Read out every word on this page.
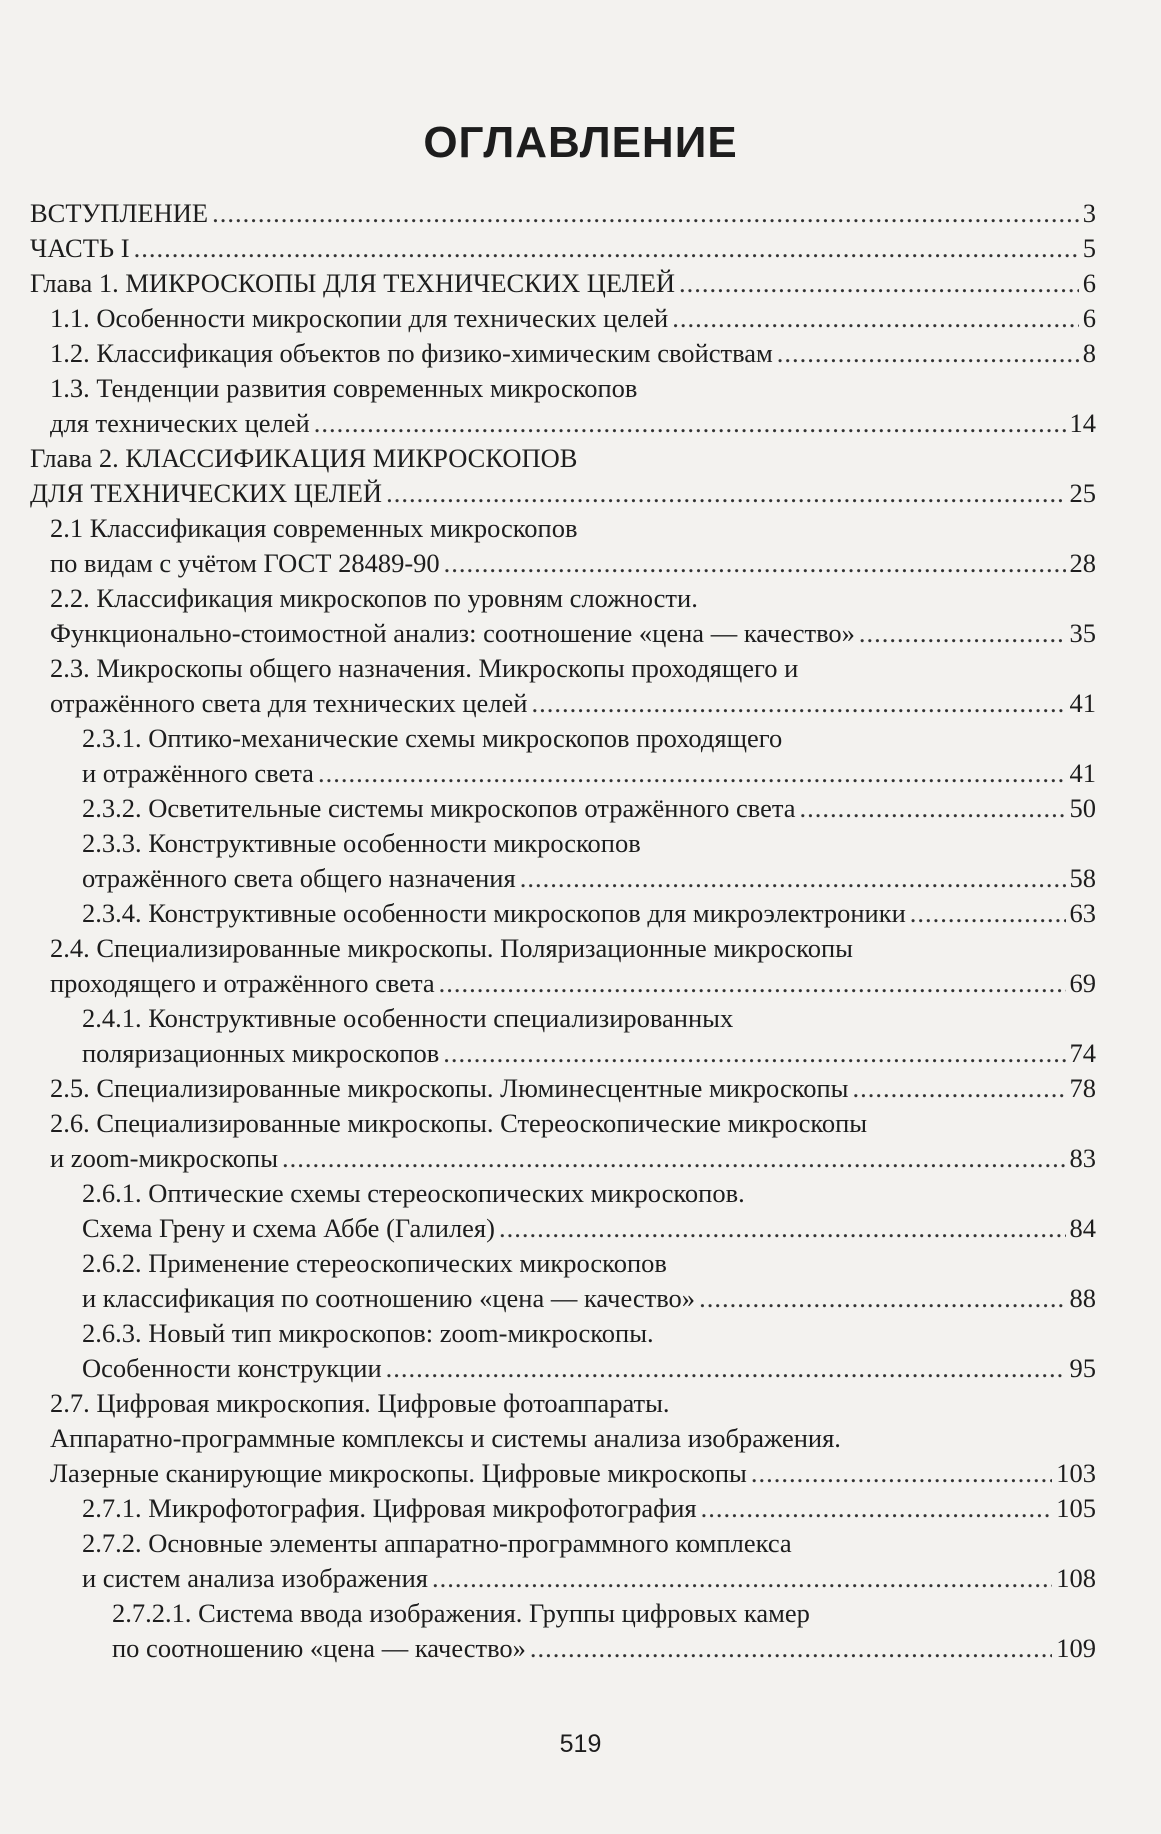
ОГЛАВЛЕНИЕ
ВСТУПЛЕНИЕ .....	3
ЧАСТЬ I .....	5
Глава 1. МИКРОСКОПЫ ДЛЯ ТЕХНИЧЕСКИХ ЦЕЛЕЙ .....	6
1.1. Особенности микроскопии для технических целей .....	6
1.2. Классификация объектов по физико-химическим свойствам .....	8
1.3. Тенденции развития современных микроскопов
для технических целей .....	14
Глава 2. КЛАССИФИКАЦИЯ МИКРОСКОПОВ
ДЛЯ ТЕХНИЧЕСКИХ ЦЕЛЕЙ .....	25
2.1 Классификация современных микроскопов
по видам с учётом ГОСТ 28489-90 .....	28
2.2. Классификация микроскопов по уровням сложности.
Функционально-стоимостной анализ: соотношение «цена — качество» .....	35
2.3. Микроскопы общего назначения. Микроскопы проходящего и
отражённого света для технических целей .....	41
2.3.1. Оптико-механические схемы микроскопов проходящего
и отражённого света .....	41
2.3.2. Осветительные системы микроскопов отражённого света .....	50
2.3.3. Конструктивные особенности микроскопов
отражённого света общего назначения .....	58
2.3.4. Конструктивные особенности микроскопов для микроэлектроники .....	63
2.4. Специализированные микроскопы. Поляризационные микроскопы
проходящего и отражённого света .....	69
2.4.1. Конструктивные особенности специализированных
поляризационных микроскопов .....	74
2.5. Специализированные микроскопы. Люминесцентные микроскопы .....	78
2.6. Специализированные микроскопы. Стереоскопические микроскопы
и zoom-микроскопы .....	83
2.6.1. Оптические схемы стереоскопических микроскопов.
Схема Грену и схема Аббе (Галилея) .....	84
2.6.2. Применение стереоскопических микроскопов
и классификация по соотношению «цена — качество» .....	88
2.6.3. Новый тип микроскопов: zoom-микроскопы.
Особенности конструкции .....	95
2.7. Цифровая микроскопия. Цифровые фотоаппараты.
Аппаратно-программные комплексы и системы анализа изображения.
Лазерные сканирующие микроскопы. Цифровые микроскопы .....	103
2.7.1. Микрофотография. Цифровая микрофотография .....	105
2.7.2. Основные элементы аппаратно-программного комплекса
и систем анализа изображения .....	108
2.7.2.1. Система ввода изображения. Группы цифровых камер
по соотношению «цена — качество» .....	109
519
